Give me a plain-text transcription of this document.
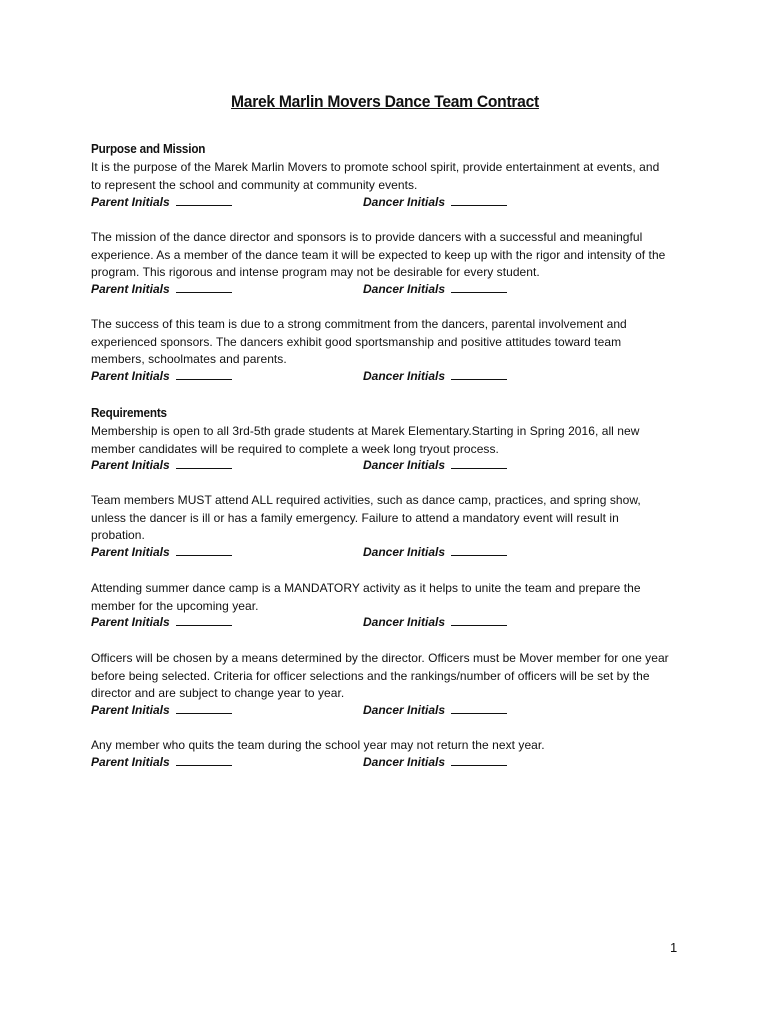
Marek Marlin Movers Dance Team Contract
Purpose and Mission
It is the purpose of the Marek Marlin Movers to promote school spirit, provide entertainment at events, and
to represent the school and community at community events.
Parent Initials	Dancer Initials
The mission of the dance director and sponsors is to provide dancers with a successful and meaningful
experience. As a member of the dance team it will be expected to keep up with the rigor and intensity of the
program. This rigorous and intense program may not be desirable for every student.
Parent Initials	Dancer Initials
The success of this team is due to a strong commitment from the dancers, parental involvement and
experienced sponsors. The dancers exhibit good sportsmanship and positive attitudes toward team
members, schoolmates and parents.
Parent Initials	Dancer Initials
Requirements
Membership is open to all 3rd-5th grade students at Marek Elementary.Starting in Spring 2016, all new
member candidates will be required to complete a week long tryout process.
Parent Initials	Dancer Initials
Team members MUST attend ALL required activities, such as dance camp, practices, and spring show,
unless the dancer is ill or has a family emergency. Failure to attend a mandatory event will result in
probation.
Parent Initials	Dancer Initials
Attending summer dance camp is a MANDATORY activity as it helps to unite the team and prepare the
member for the upcoming year.
Parent Initials	Dancer Initials
Officers will be chosen by a means determined by the director. Officers must be Mover member for one year
before being selected. Criteria for officer selections and the rankings/number of officers will be set by the
director and are subject to change year to year.
Parent Initials	Dancer Initials
Any member who quits the team during the school year may not return the next year.
Parent Initials	Dancer Initials
1
